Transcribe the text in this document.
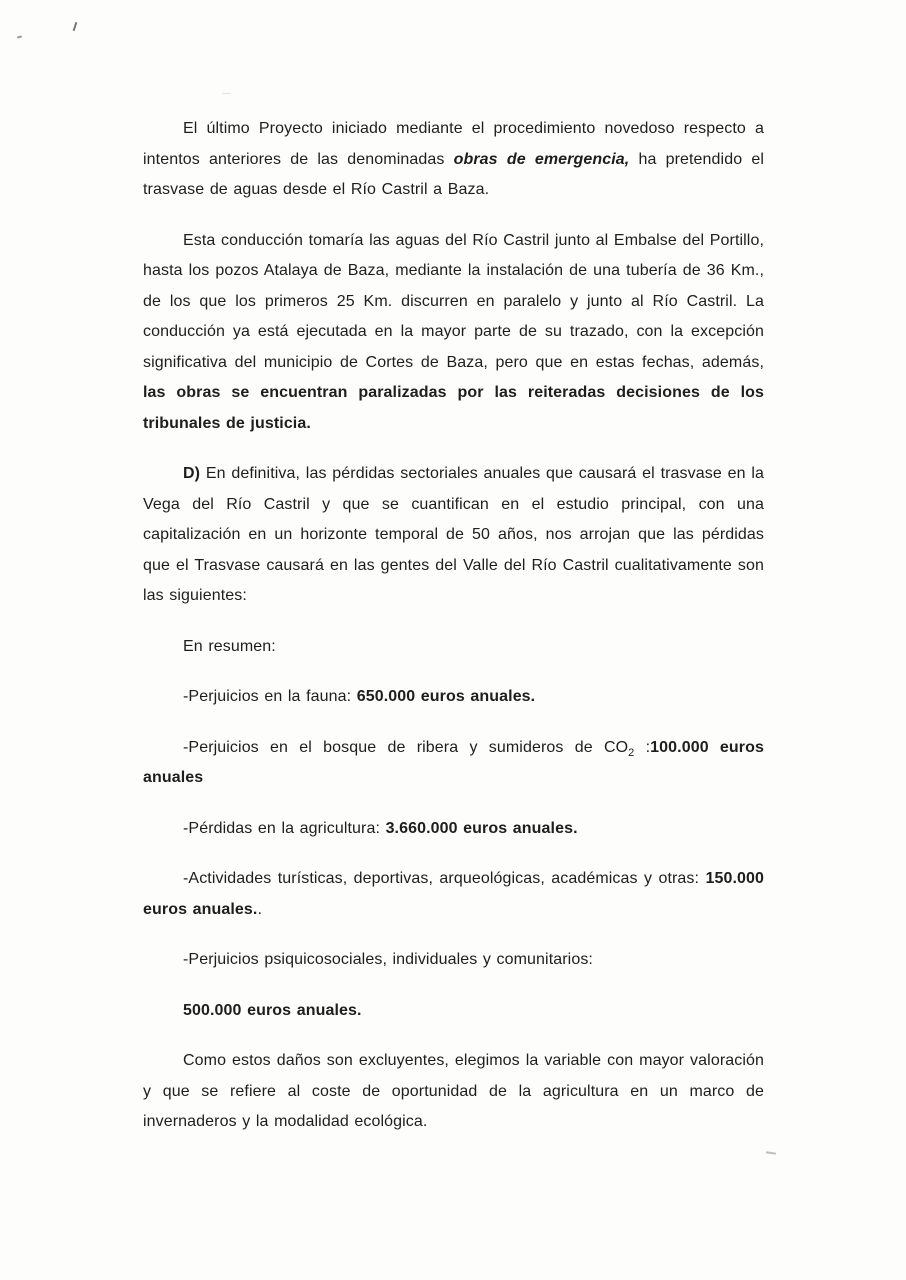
El último Proyecto iniciado mediante el procedimiento novedoso respecto a intentos anteriores de las denominadas obras de emergencia, ha pretendido el trasvase de aguas desde el Río Castril a Baza.

Esta conducción tomaría las aguas del Río Castril junto al Embalse del Portillo, hasta los pozos Atalaya de Baza, mediante la instalación de una tubería de 36 Km., de los que los primeros 25 Km. discurren en paralelo y junto al Río Castril. La conducción ya está ejecutada en la mayor parte de su trazado, con la excepción significativa del municipio de Cortes de Baza, pero que en estas fechas, además, las obras se encuentran paralizadas por las reiteradas decisiones de los tribunales de justicia.

D) En definitiva, las pérdidas sectoriales anuales que causará el trasvase en la Vega del Río Castril y que se cuantifican en el estudio principal, con una capitalización en un horizonte temporal de 50 años, nos arrojan que las pérdidas que el Trasvase causará en las gentes del Valle del Río Castril cualitativamente son las siguientes:

En resumen:

-Perjuicios en la fauna: 650.000 euros anuales.

-Perjuicios en el bosque de ribera y sumideros de $CO_2$ :100.000 euros anuales

-Pérdidas en la agricultura: 3.660.000 euros anuales.

-Actividades turísticas, deportivas, arqueológicas, académicas y otras: 150.000 euros anuales..

-Perjuicios psiquicosociales, individuales y comunitarios:

500.000 euros anuales.

Como estos daños son excluyentes, elegimos la variable con mayor valoración y que se refiere al coste de oportunidad de la agricultura en un marco de invernaderos y la modalidad ecológica.
